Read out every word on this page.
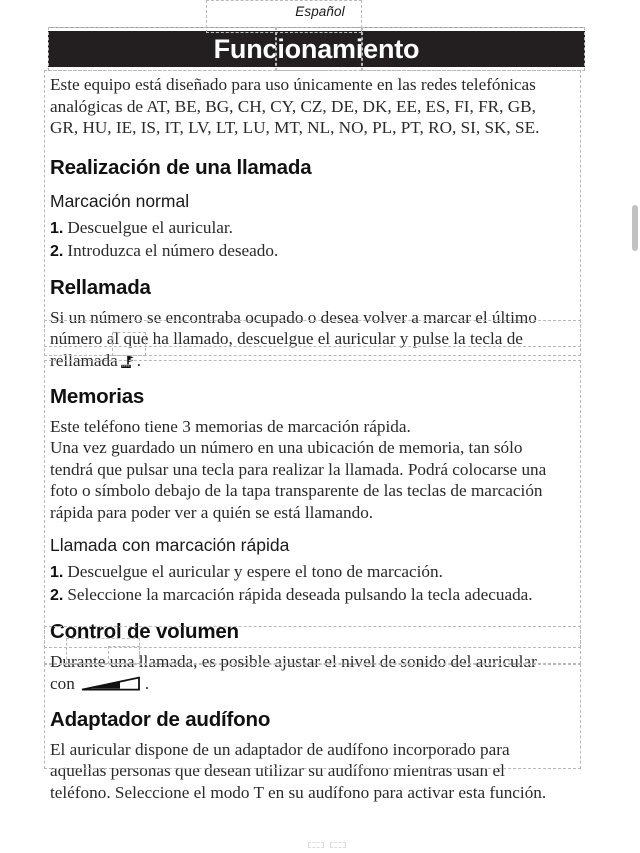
Español
Funcionamiento
Este equipo está diseñado para uso únicamente en las redes telefónicas
analógicas de AT, BE, BG, CH, CY, CZ, DE, DK, EE, ES, FI, FR, GB,
GR, HU, IE, IS, IT, LV, LT, LU, MT, NL, NO, PL, PT, RO, SI, SK, SE.
Realización de una llamada
Marcación normal
1. Descuelgue el auricular.
2. Introduzca el número deseado.
Rellamada
Si un número se encontraba ocupado o desea volver a marcar el último
número al que ha llamado, descuelgue el auricular y pulse la tecla de
rellamada .
Memorias
Este teléfono tiene 3 memorias de marcación rápida.
Una vez guardado un número en una ubicación de memoria, tan sólo
tendrá que pulsar una tecla para realizar la llamada. Podrá colocarse una
foto o símbolo debajo de la tapa transparente de las teclas de marcación
rápida para poder ver a quién se está llamando.
Llamada con marcación rápida
1. Descuelgue el auricular y espere el tono de marcación.
2. Seleccione la marcación rápida deseada pulsando la tecla adecuada.
Control de volumen
Durante una llamada, es posible ajustar el nivel de sonido del auricular
con	.
Adaptador de audífono
El auricular dispone de un adaptador de audífono incorporado para
aquellas personas que desean utilizar su audífono mientras usan el
teléfono. Seleccione el modo T en su audífono para activar esta función.
